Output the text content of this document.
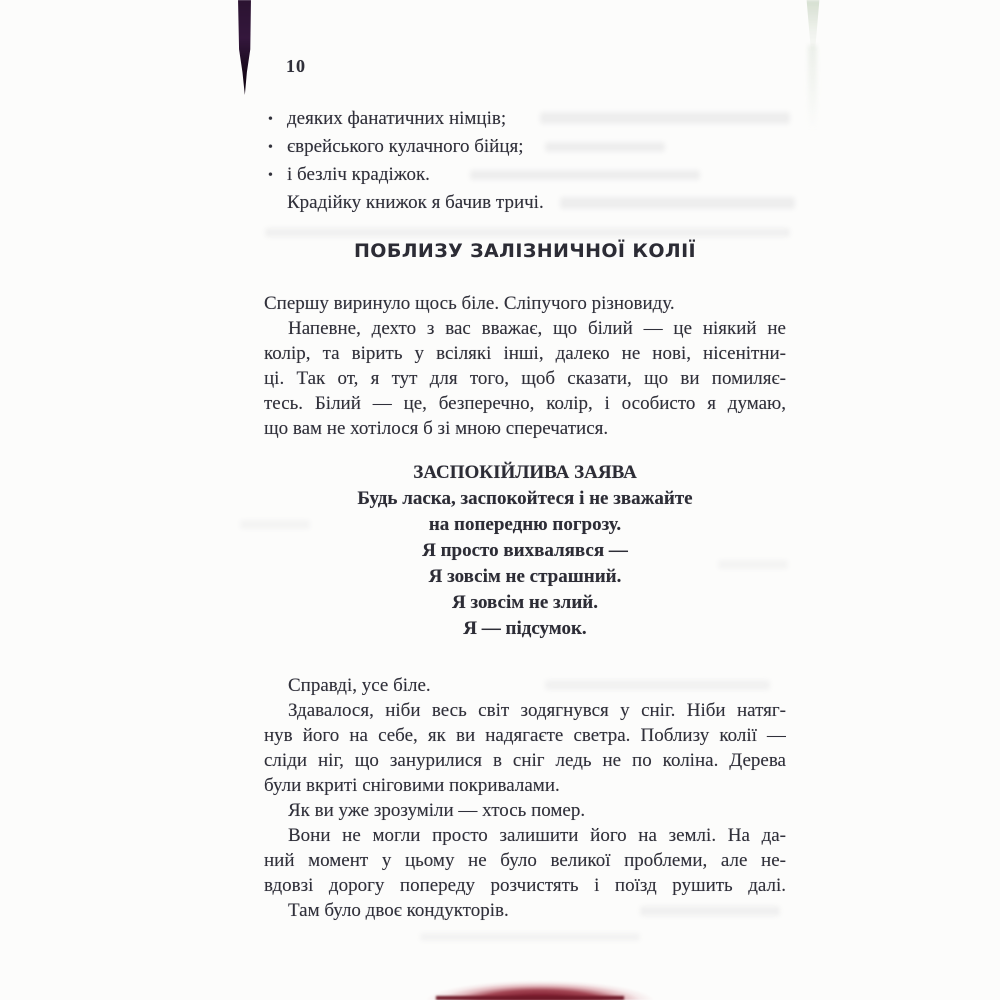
10
• деяких фанатичних німців;
• єврейського кулачного бійця;
• і безліч крадіжок.
Крадійку книжок я бачив тричі.
ПОБЛИЗУ ЗАЛІЗНИЧНОЇ КОЛІЇ
Спершу виринуло щось біле. Сліпучого різновиду.
Напевне, дехто з вас вважає, що білий — це ніякий не
колір, та вірить у всілякі інші, далеко не нові, нісенітни-
ці. Так от, я тут для того, щоб сказати, що ви помиляє-
тесь. Білий — це, безперечно, колір, і особисто я думаю,
що вам не хотілося б зі мною сперечатися.
ЗАСПОКІЙЛИВА ЗАЯВА
Будь ласка, заспокойтеся і не зважайте
на попередню погрозу.
Я просто вихвалявся —
Я зовсім не страшний.
Я зовсім не злий.
Я — підсумок.
Справді, усе біле.
Здавалося, ніби весь світ зодягнувся у сніг. Ніби натяг-
нув його на себе, як ви надягаєте светра. Поблизу колії —
сліди ніг, що занурилися в сніг ледь не по коліна. Дерева
були вкриті сніговими покривалами.
Як ви уже зрозуміли — хтось помер.
Вони не могли просто залишити його на землі. На да-
ний момент у цьому не було великої проблеми, але не-
вдовзі дорогу попереду розчистять і поїзд рушить далі.
Там було двоє кондукторів.
